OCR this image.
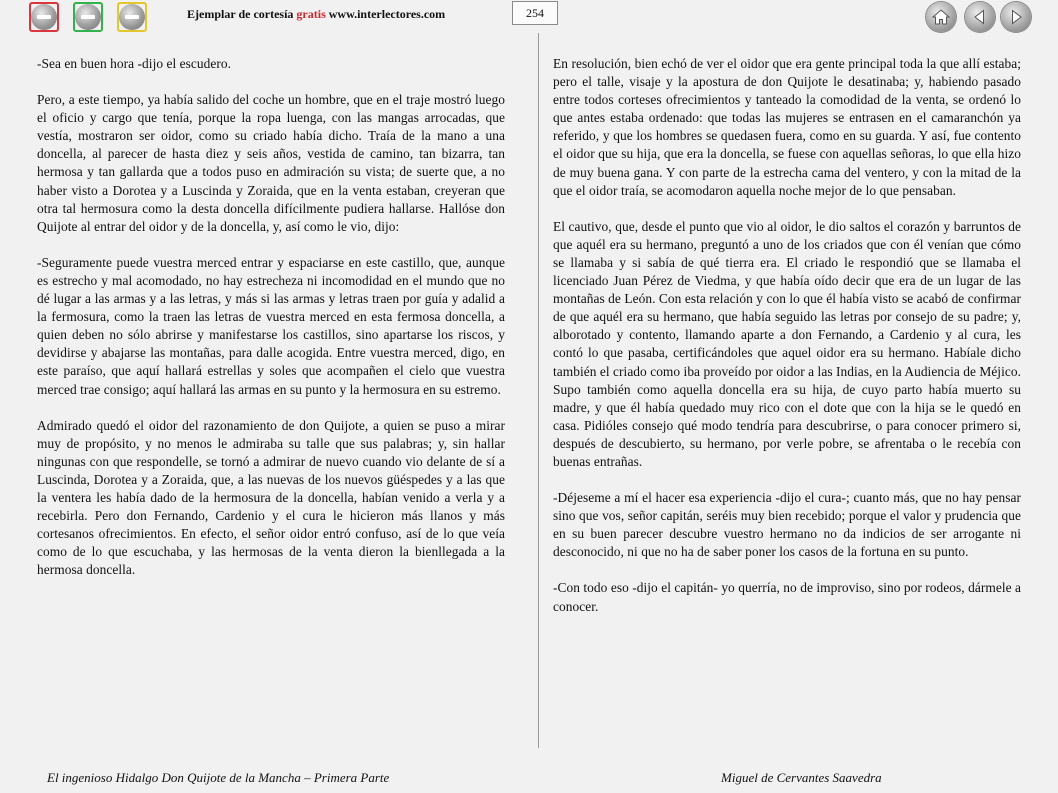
Ejemplar de cortesía gratis www.interlectores.com	254

-Sea en buen hora -dijo el escudero.

Pero, a este tiempo, ya había salido del coche un hombre, que en el traje mostró luego el oficio y cargo que tenía, porque la ropa luenga, con las mangas arrocadas, que vestía, mostraron ser oidor, como su criado había dicho. Traía de la mano a una doncella, al parecer de hasta diez y seis años, vestida de camino, tan bizarra, tan hermosa y tan gallarda que a todos puso en admiración su vista; de suerte que, a no haber visto a Dorotea y a Luscinda y Zoraida, que en la venta estaban, creyeran que otra tal hermosura como la desta doncella difícilmente pudiera hallarse. Hallóse don Quijote al entrar del oidor y de la doncella, y, así como le vio, dijo:

-Seguramente puede vuestra merced entrar y espaciarse en este castillo, que, aunque es estrecho y mal acomodado, no hay estrecheza ni incomodidad en el mundo que no dé lugar a las armas y a las letras, y más si las armas y letras traen por guía y adalid a la fermosura, como la traen las letras de vuestra merced en esta fermosa doncella, a quien deben no sólo abrirse y manifestarse los castillos, sino apartarse los riscos, y devidirse y abajarse las montañas, para dalle acogida. Entre vuestra merced, digo, en este paraíso, que aquí hallará estrellas y soles que acompañen el cielo que vuestra merced trae consigo; aquí hallará las armas en su punto y la hermosura en su estremo.

Admirado quedó el oidor del razonamiento de don Quijote, a quien se puso a mirar muy de propósito, y no menos le admiraba su talle que sus palabras; y, sin hallar ningunas con que respondelle, se tornó a admirar de nuevo cuando vio delante de sí a Luscinda, Dorotea y a Zoraida, que, a las nuevas de los nuevos güéspedes y a las que la ventera les había dado de la hermosura de la doncella, habían venido a verla y a recebirla. Pero don Fernando, Cardenio y el cura le hicieron más llanos y más cortesanos ofrecimientos. En efecto, el señor oidor entró confuso, así de lo que veía como de lo que escuchaba, y las hermosas de la venta dieron la bienllegada a la hermosa doncella.

En resolución, bien echó de ver el oidor que era gente principal toda la que allí estaba; pero el talle, visaje y la apostura de don Quijote le desatinaba; y, habiendo pasado entre todos corteses ofrecimientos y tanteado la comodidad de la venta, se ordenó lo que antes estaba ordenado: que todas las mujeres se entrasen en el camaranchón ya referido, y que los hombres se quedasen fuera, como en su guarda. Y así, fue contento el oidor que su hija, que era la doncella, se fuese con aquellas señoras, lo que ella hizo de muy buena gana. Y con parte de la estrecha cama del ventero, y con la mitad de la que el oidor traía, se acomodaron aquella noche mejor de lo que pensaban.

El cautivo, que, desde el punto que vio al oidor, le dio saltos el corazón y barruntos de que aquél era su hermano, preguntó a uno de los criados que con él venían que cómo se llamaba y si sabía de qué tierra era. El criado le respondió que se llamaba el licenciado Juan Pérez de Viedma, y que había oído decir que era de un lugar de las montañas de León. Con esta relación y con lo que él había visto se acabó de confirmar de que aquél era su hermano, que había seguido las letras por consejo de su padre; y, alborotado y contento, llamando aparte a don Fernando, a Cardenio y al cura, les contó lo que pasaba, certificándoles que aquel oidor era su hermano. Habíale dicho también el criado como iba proveído por oidor a las Indias, en la Audiencia de Méjico. Supo también como aquella doncella era su hija, de cuyo parto había muerto su madre, y que él había quedado muy rico con el dote que con la hija se le quedó en casa. Pidióles consejo qué modo tendría para descubrirse, o para conocer primero si, después de descubierto, su hermano, por verle pobre, se afrentaba o le recebía con buenas entrañas.

-Déjeseme a mí el hacer esa experiencia -dijo el cura-; cuanto más, que no hay pensar sino que vos, señor capitán, seréis muy bien recebido; porque el valor y prudencia que en su buen parecer descubre vuestro hermano no da indicios de ser arrogante ni desconocido, ni que no ha de saber poner los casos de la fortuna en su punto.

-Con todo eso -dijo el capitán- yo querría, no de improviso, sino por rodeos, dármele a conocer.

El ingenioso Hidalgo Don Quijote de la Mancha – Primera Parte	Miguel de Cervantes Saavedra
